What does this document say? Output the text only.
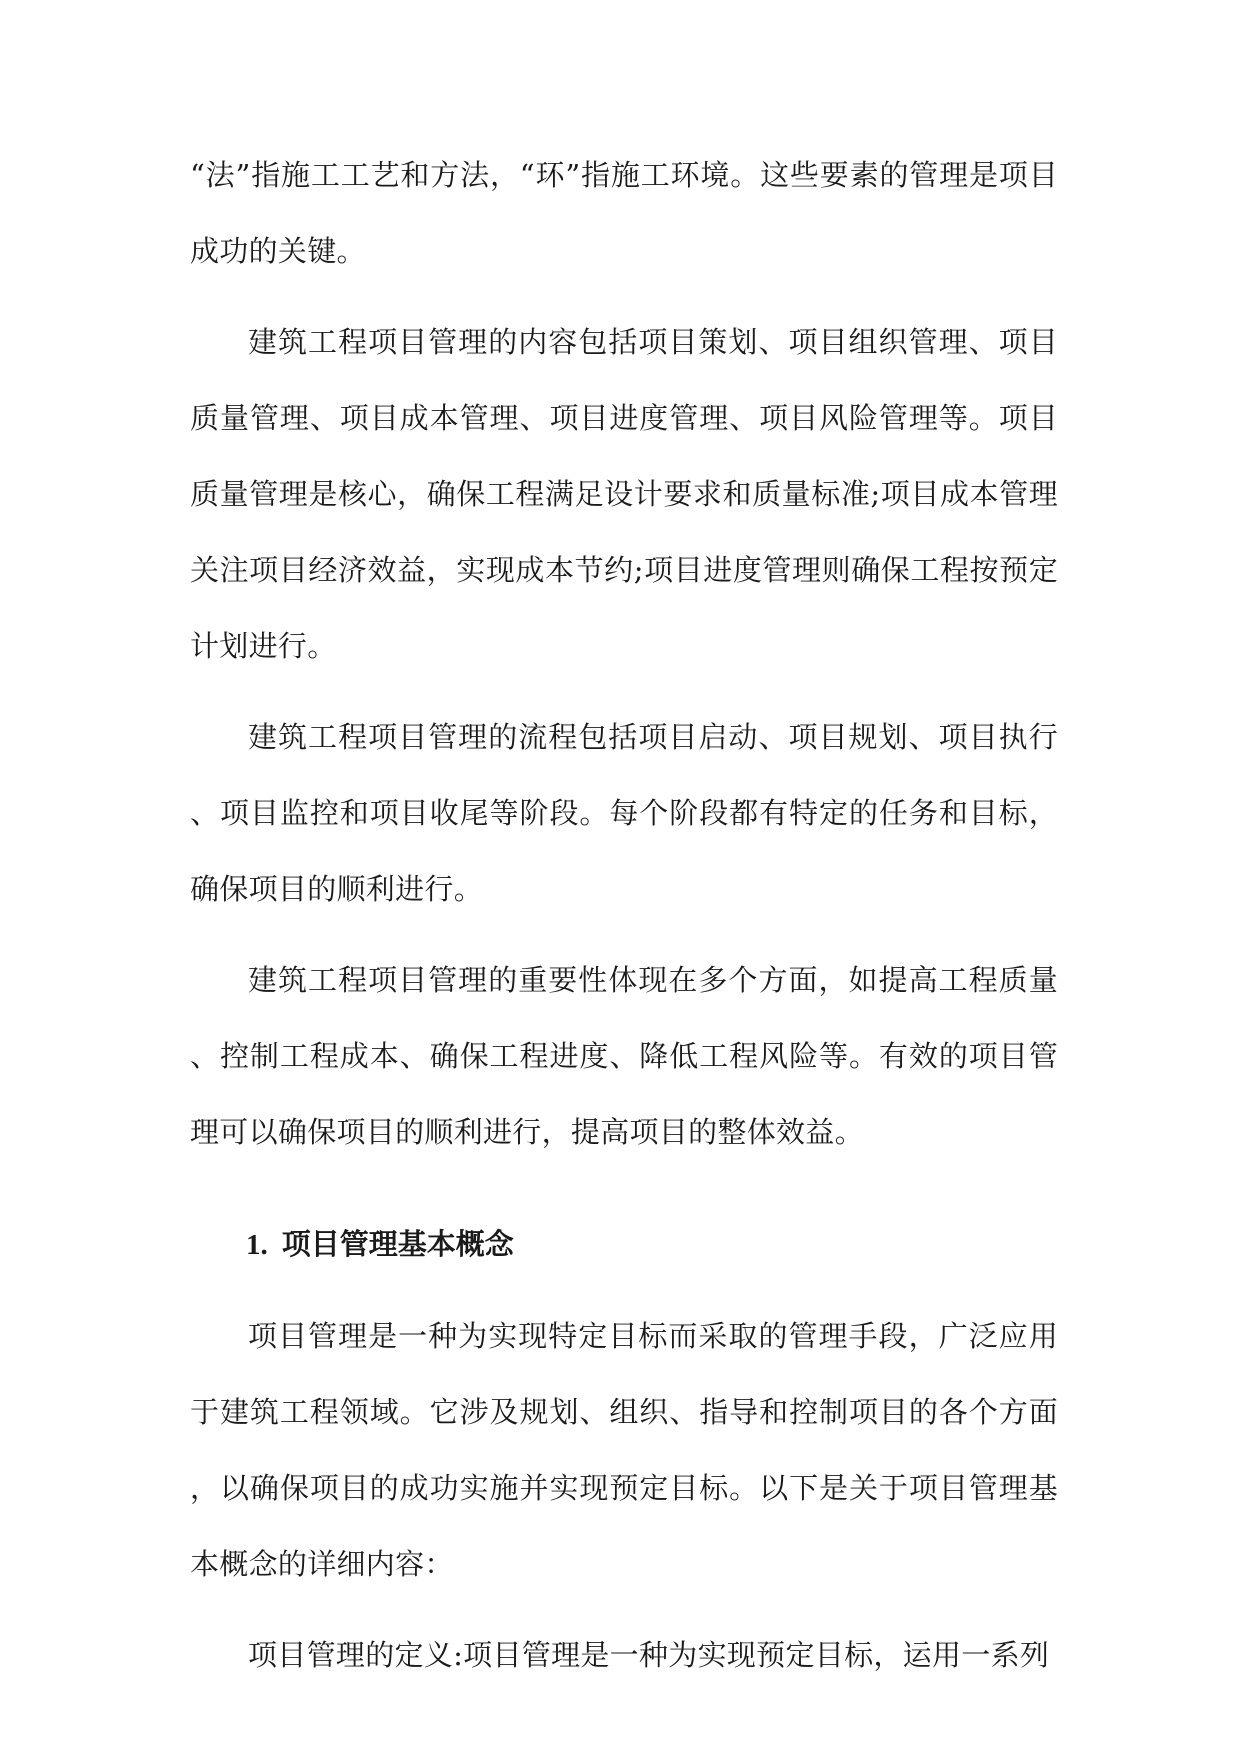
“法”指施工工艺和方法，“环”指施工环境。这些要素的管理是项目成功的关键。

建筑工程项目管理的内容包括项目策划、项目组织管理、项目质量管理、项目成本管理、项目进度管理、项目风险管理等。项目质量管理是核心，确保工程满足设计要求和质量标准;项目成本管理关注项目经济效益，实现成本节约;项目进度管理则确保工程按预定计划进行。

建筑工程项目管理的流程包括项目启动、项目规划、项目执行、项目监控和项目收尾等阶段。每个阶段都有特定的任务和目标，确保项目的顺利进行。

建筑工程项目管理的重要性体现在多个方面，如提高工程质量、控制工程成本、确保工程进度、降低工程风险等。有效的项目管理可以确保项目的顺利进行，提高项目的整体效益。

1. 项目管理基本概念

项目管理是一种为实现特定目标而采取的管理手段，广泛应用于建筑工程领域。它涉及规划、组织、指导和控制项目的各个方面，以确保项目的成功实施并实现预定目标。以下是关于项目管理基本概念的详细内容：

项目管理的定义:项目管理是一种为实现预定目标，运用一系列
